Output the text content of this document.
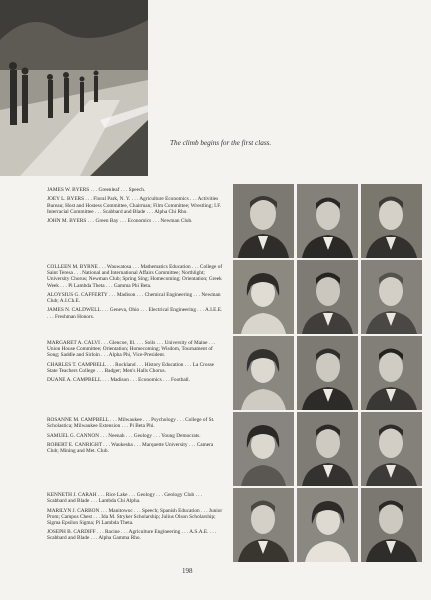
The climb begins for the first class.

JAMES W. BYERS . . . Greenleaf . . . Speech.

JOEY L. BYERS . . . Floral Park, N. Y. . . . Agriculture Economics . . . Activities Bureau; Host and Hostess Committee, Chairman; Film Committee; Wrestling; I.F. Interracial Committee . . . Scabbard and Blade . . . Alpha Chi Rho.

JOHN M. BYERS . . . Green Bay . . . Economics . . . Newman Club.

COLLEEN M. BYRNE . . . Wauwatosa . . . Mathematics Education . . . College of Saint Teresa . . . National and International Affairs Committee; Northlight; University Chorus; Newman Club; Spring Sing; Homecoming; Orientation; Greek Week . . . Pi Lambda Theta . . . Gamma Phi Beta.

ALOYSIUS G. CAFFERTY . . . Madison . . . Chemical Engineering . . . Newman Club; A.I.Ch.E.

JAMES N. CALDWELL . . . Geneva, Ohio . . . Electrical Engineering . . . A.I.E.E. . . . Freshman Honors.

MARGARET A. CALVI . . . Glencoe, Ill. . . . Soils . . . University of Maine . . . Union House Committee; Orientation; Homecoming; Wisdom, Tournament of Song; Saddle and Sirloin . . . Alpha Phi, Vice-President.

CHARLES T. CAMPBELL . . . Rockland . . . History Education . . . La Crosse State Teachers College . . . Badger; Men's Halls Chorus.

DUANE A. CAMPBELL . . . Madison . . . Economics . . . Football.

ROSANNE M. CAMPBELL . . . Milwaukee . . . Psychology . . . College of St. Scholastica; Milwaukee Extension . . . Pi Beta Phi.

SAMUEL G. CANNON . . . Neenah . . . Geology . . . Young Democrats.

ROBERT E. CANRIGHT . . . Waukesha . . . Marquette University . . . Camera Club; Mining and Met. Club.

KENNETH J. CARAH . . . Rice Lake . . . Geology . . . Geology Club . . . Scabbard and Blade . . . Lambda Chi Alpha.

MARILYN J. CARBON . . . Manitowoc . . . Speech; Spanish Education . . . Junior Prom; Campus Chest . . . Ida M. Stryker Scholarship; Julius Olson Scholarship; Sigma Epsilon Sigma; Pi Lambda Theta.

JOSEPH B. CARDIFF . . . Racine . . . Agriculture Engineering . . . A.S.A.E. . . . Scabbard and Blade . . . Alpha Gamma Rho.

198
